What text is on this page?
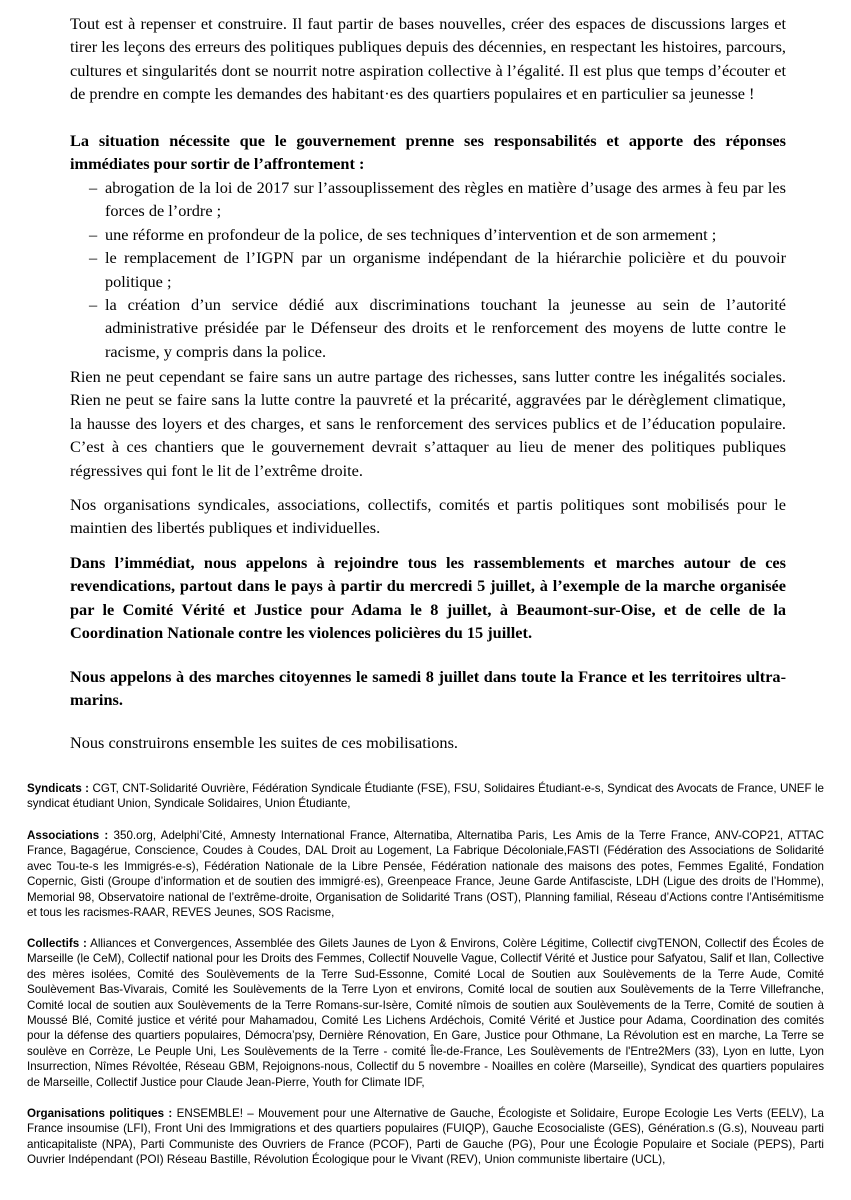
Tout est à repenser et construire. Il faut partir de bases nouvelles, créer des espaces de discussions larges et tirer les leçons des erreurs des politiques publiques depuis des décennies, en respectant les histoires, parcours, cultures et singularités dont se nourrit notre aspiration collective à l’égalité. Il est plus que temps d’écouter et de prendre en compte les demandes des habitant·es des quartiers populaires et en particulier sa jeunesse !

La situation nécessite que le gouvernement prenne ses responsabilités et apporte des réponses immédiates pour sortir de l’affrontement :

– abrogation de la loi de 2017 sur l’assouplissement des règles en matière d’usage des armes à feu par les forces de l’ordre ;
– une réforme en profondeur de la police, de ses techniques d’intervention et de son armement ;
– le remplacement de l’IGPN par un organisme indépendant de la hiérarchie policière et du pouvoir politique ;
– la création d’un service dédié aux discriminations touchant la jeunesse au sein de l’autorité administrative présidée par le Défenseur des droits et le renforcement des moyens de lutte contre le racisme, y compris dans la police.

Rien ne peut cependant se faire sans un autre partage des richesses, sans lutter contre les inégalités sociales. Rien ne peut se faire sans la lutte contre la pauvreté et la précarité, aggravées par le dérèglement climatique, la hausse des loyers et des charges, et sans le renforcement des services publics et de l’éducation populaire. C’est à ces chantiers que le gouvernement devrait s’attaquer au lieu de mener des politiques publiques régressives qui font le lit de l’extrême droite.

Nos organisations syndicales, associations, collectifs, comités et partis politiques sont mobilisés pour le maintien des libertés publiques et individuelles.

Dans l’immédiat, nous appelons à rejoindre tous les rassemblements et marches autour de ces revendications, partout dans le pays à partir du mercredi 5 juillet, à l’exemple de la marche organisée par le Comité Vérité et Justice pour Adama le 8 juillet, à Beaumont-sur-Oise, et de celle de la Coordination Nationale contre les violences policières du 15 juillet.

Nous appelons à des marches citoyennes le samedi 8 juillet dans toute la France et les territoires ultra-marins.

Nous construirons ensemble les suites de ces mobilisations.

Syndicats : CGT, CNT-Solidarité Ouvrière, Fédération Syndicale Étudiante (FSE), FSU, Solidaires Étudiant-e-s, Syndicat des Avocats de France, UNEF le syndicat étudiant Union, Syndicale Solidaires, Union Étudiante,

Associations : 350.org, Adelphi’Cité, Amnesty International France, Alternatiba, Alternatiba Paris, Les Amis de la Terre France, ANV-COP21, ATTAC France, Bagagérue, Conscience, Coudes à Coudes, DAL Droit au Logement, La Fabrique Décoloniale,FASTI (Fédération des Associations de Solidarité avec Tou-te-s les Immigrés-e-s), Fédération Nationale de la Libre Pensée, Fédération nationale des maisons des potes, Femmes Egalité, Fondation Copernic, Gisti (Groupe d’information et de soutien des immigré·es), Greenpeace France, Jeune Garde Antifasciste, LDH (Ligue des droits de l’Homme), Memorial 98, Observatoire national de l’extrême-droite, Organisation de Solidarité Trans (OST), Planning familial, Réseau d’Actions contre l’Antisémitisme et tous les racismes-RAAR, REVES Jeunes, SOS Racisme,

Collectifs : Alliances et Convergences, Assemblée des Gilets Jaunes de Lyon & Environs, Colère Légitime, Collectif civgTENON, Collectif des Écoles de Marseille (le CeM), Collectif national pour les Droits des Femmes, Collectif Nouvelle Vague, Collectif Vérité et Justice pour Safyatou, Salif et Ilan, Collective des mères isolées, Comité des Soulèvements de la Terre Sud-Essonne, Comité Local de Soutien aux Soulèvements de la Terre Aude, Comité Soulèvement Bas-Vivarais, Comité les Soulèvements de la Terre Lyon et environs, Comité local de soutien aux Soulèvements de la Terre Villefranche, Comité local de soutien aux Soulèvements de la Terre Romans-sur-Isère, Comité nîmois de soutien aux Soulèvements de la Terre, Comité de soutien à Moussé Blé, Comité justice et vérité pour Mahamadou, Comité Les Lichens Ardéchois, Comité Vérité et Justice pour Adama, Coordination des comités pour la défense des quartiers populaires, Démocra’psy, Dernière Rénovation, En Gare, Justice pour Othmane, La Révolution est en marche, La Terre se soulève en Corrèze, Le Peuple Uni, Les Soulèvements de la Terre - comité Île-de-France, Les Soulèvements de l'Entre2Mers (33), Lyon en lutte, Lyon Insurrection, Nîmes Révoltée, Réseau GBM, Rejoignons-nous, Collectif du 5 novembre - Noailles en colère (Marseille), Syndicat des quartiers populaires de Marseille, Collectif Justice pour Claude Jean-Pierre, Youth for Climate IDF,

Organisations politiques : ENSEMBLE! – Mouvement pour une Alternative de Gauche, Écologiste et Solidaire, Europe Ecologie Les Verts (EELV), La France insoumise (LFI), Front Uni des Immigrations et des quartiers populaires (FUIQP), Gauche Ecosocialiste (GES), Génération.s (G.s), Nouveau parti anticapitaliste (NPA), Parti Communiste des Ouvriers de France (PCOF), Parti de Gauche (PG), Pour une Écologie Populaire et Sociale (PEPS), Parti Ouvrier Indépendant (POI) Réseau Bastille, Révolution Écologique pour le Vivant (REV), Union communiste libertaire (UCL),
